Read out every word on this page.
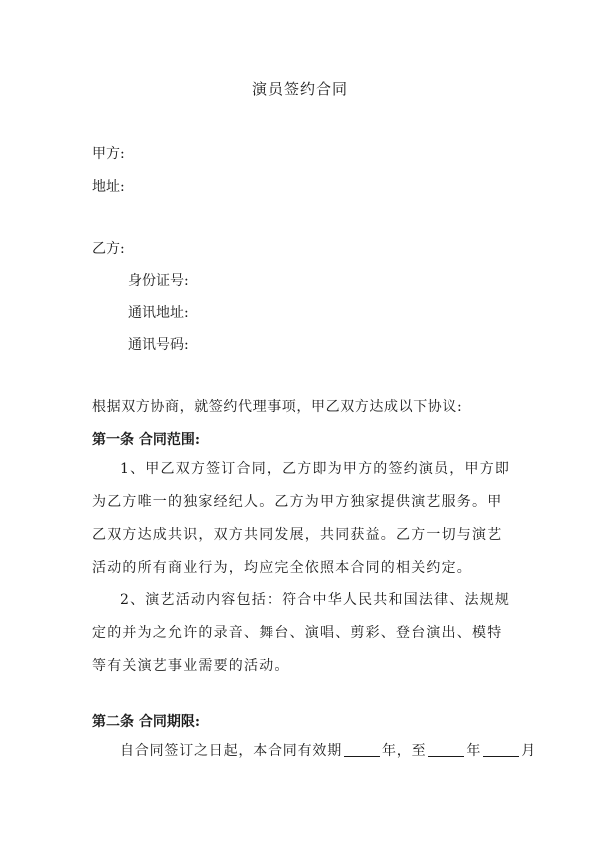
演员签约合同
甲方:
地址:
乙方:
身份证号:
通讯地址:
通讯号码:
根据双方协商，就签约代理事项，甲乙双方达成以下协议:
第一条 合同范围:
1、甲乙双方签订合同，乙方即为甲方的签约演员，甲方即为乙方唯一的独家经纪人。乙方为甲方独家提供演艺服务。甲乙双方达成共识，双方共同发展，共同获益。乙方一切与演艺活动的所有商业行为，均应完全依照本合同的相关约定。
2、演艺活动内容包括：符合中华人民共和国法律、法规规定的并为之允许的录音、舞台、演唱、剪彩、登台演出、模特等有关演艺事业需要的活动。
第二条 合同期限:
自合同签订之日起，本合同有效期	年，至	年	月
